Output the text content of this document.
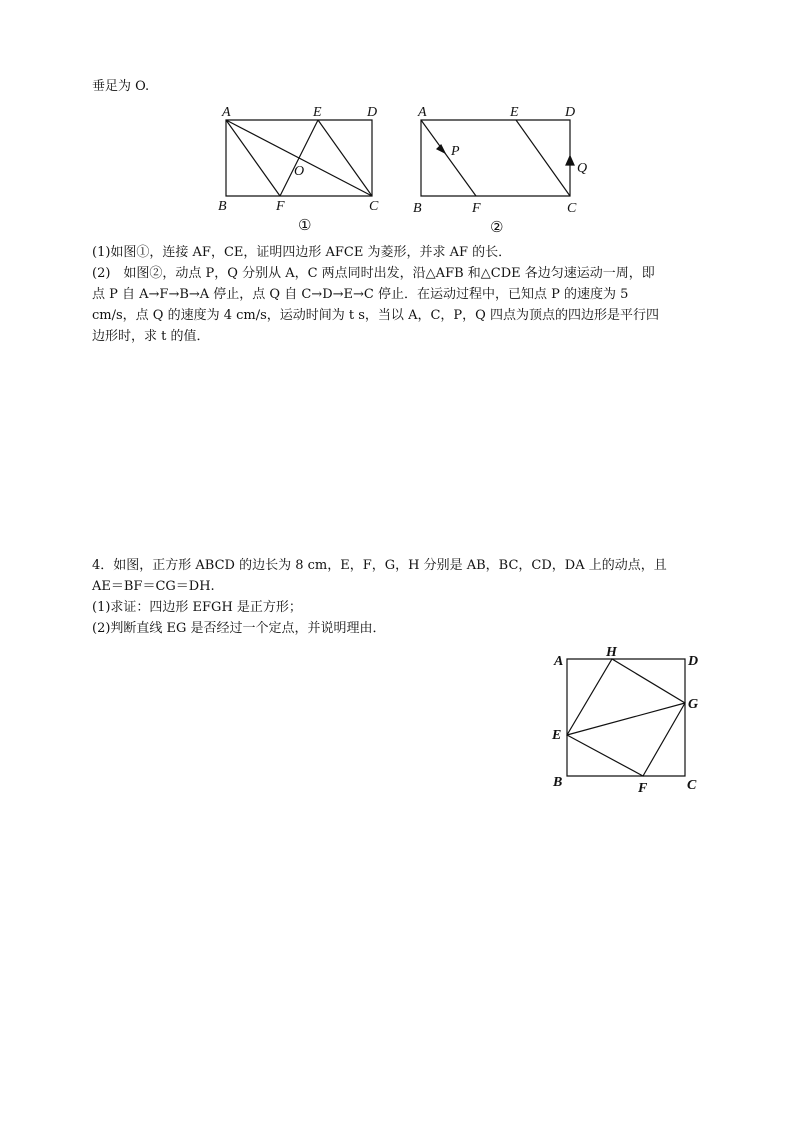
垂足为 O.
A	E	D
B	F	C
O
①
A	E	D
B	F	C
P
Q
②
(1)如图①，连接 AF，CE，证明四边形 AFCE 为菱形，并求 AF 的长．
(2)　如图②，动点 P，Q 分别从 A，C 两点同时出发，沿△AFB 和△CDE 各边匀速运动一周，即
点 P 自 A→F→B→A 停止，点 Q 自 C→D→E→C 停止．在运动过程中，已知点 P 的速度为 5
cm/s，点 Q 的速度为 4 cm/s，运动时间为 t s，当以 A，C，P，Q 四点为顶点的四边形是平行四
边形时，求 t 的值．
4．如图，正方形 ABCD 的边长为 8 cm，E，F，G，H 分别是 AB，BC，CD，DA 上的动点，且
AE＝BF＝CG＝DH.
(1)求证：四边形 EFGH 是正方形；
(2)判断直线 EG 是否经过一个定点，并说明理由．
A
H
D
G
E
B	F	C
